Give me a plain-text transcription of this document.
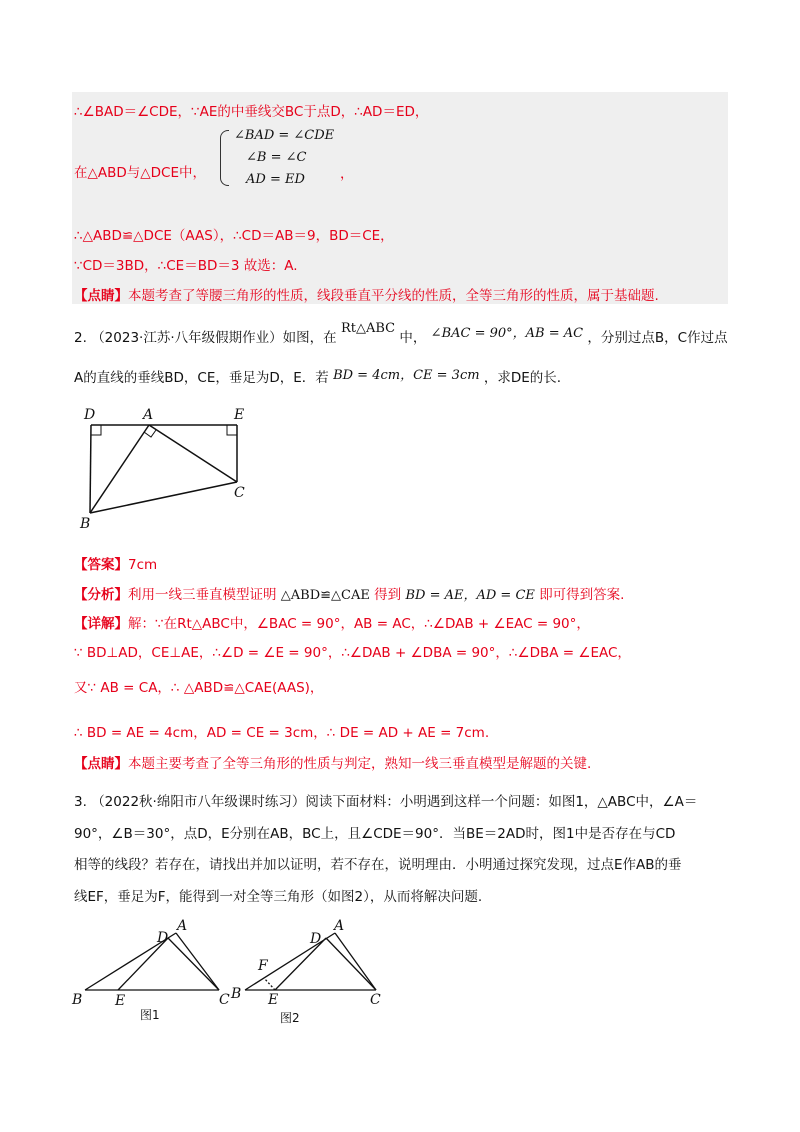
∴∠BAD＝∠CDE，∵AE的中垂线交BC于点D，∴AD＝ED，
在△ABD与△DCE中，
∠BAD = ∠CDE
∠B = ∠C
AD = ED	，
∴△ABD≌△DCE（AAS），∴CD＝AB＝9，BD＝CE，
∵CD＝3BD，∴CE＝BD＝3 故选：A.
【点睛】本题考查了等腰三角形的性质，线段垂直平分线的性质，全等三角形的性质，属于基础题.
2. （2023·江苏·八年级假期作业）如图，在 Rt△ABC 中， ∠BAC = 90°，AB = AC ，分别过点B，C作过点
A的直线的垂线BD，CE，垂足为D，E．若 BD = 4cm，CE = 3cm ，求DE的长.
D	A	E
C
B
【答案】7cm
【分析】利用一线三垂直模型证明 △ABD≌△CAE 得到 BD = AE，AD = CE 即可得到答案.
【详解】解：∵在Rt△ABC中，∠BAC = 90°，AB = AC，∴∠DAB + ∠EAC = 90°，
∵ BD⊥AD，CE⊥AE，∴∠D = ∠E = 90°，∴∠DAB + ∠DBA = 90°，∴∠DBA = ∠EAC，
又∵ AB = CA，∴ △ABD≌△CAE(AAS)，
∴ BD = AE = 4cm，AD = CE = 3cm，∴ DE = AD + AE = 7cm.
【点睛】本题主要考查了全等三角形的性质与判定，熟知一线三垂直模型是解题的关键.
3. （2022秋·绵阳市八年级课时练习）阅读下面材料：小明遇到这样一个问题：如图1，△ABC中，∠A＝
90°，∠B＝30°，点D，E分别在AB，BC上，且∠CDE＝90°．当BE＝2AD时，图1中是否存在与CD
相等的线段？若存在，请找出并加以证明，若不存在，说明理由．小明通过探究发现，过点E作AB的垂
线EF，垂足为F，能得到一对全等三角形（如图2），从而将解决问题.
B E	C
D
A
图1
B
F
E	C
D
A
图2
